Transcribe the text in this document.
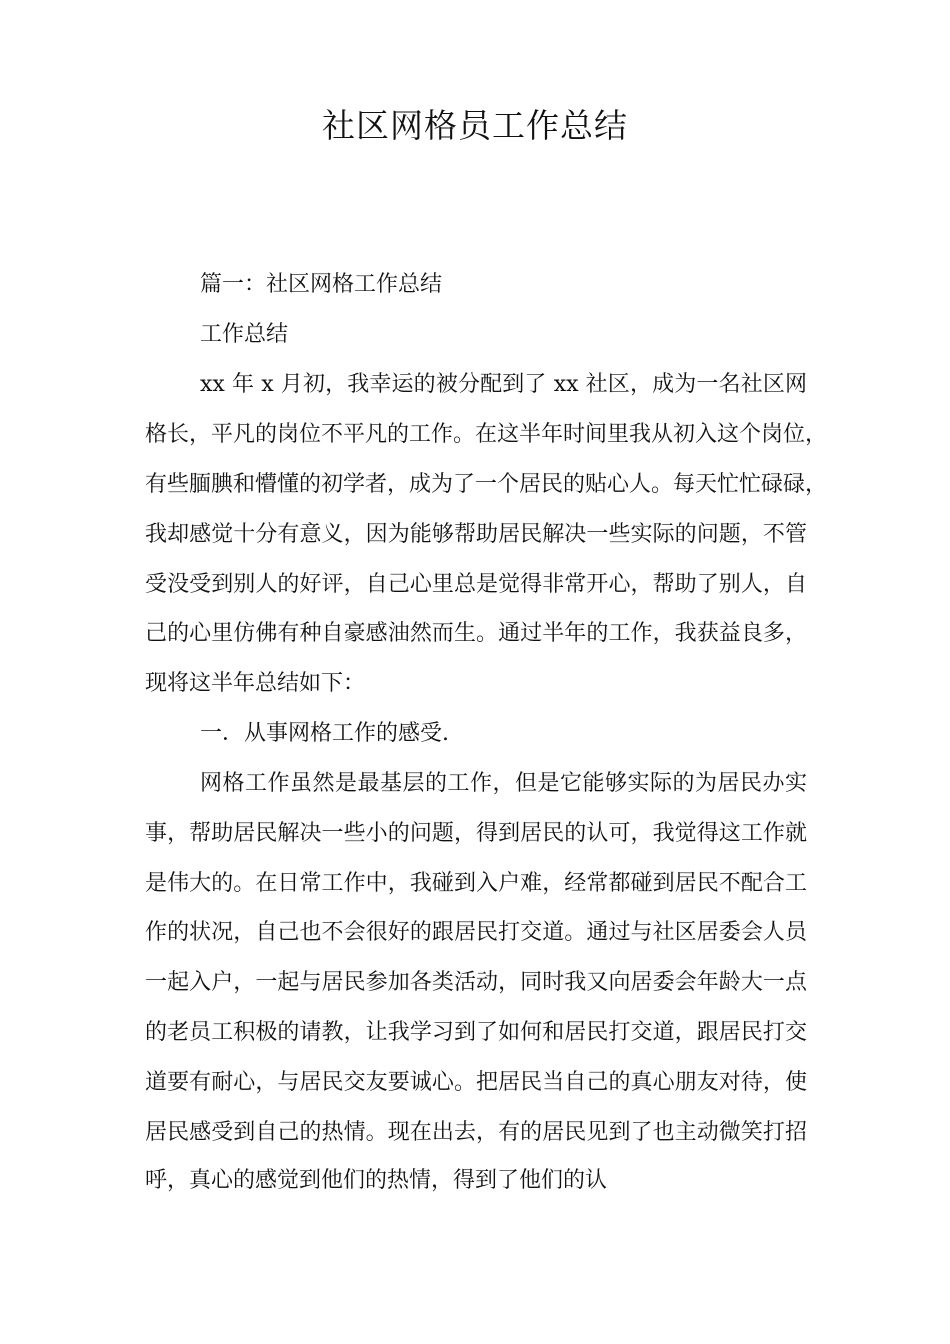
社区网格员工作总结
篇一：社区网格工作总结
工作总结
xx 年 x 月初，我幸运的被分配到了 xx 社区，成为一名社区网
格长，平凡的岗位不平凡的工作。在这半年时间里我从初入这个岗位，
有些腼腆和懵懂的初学者，成为了一个居民的贴心人。每天忙忙碌碌，
我却感觉十分有意义，因为能够帮助居民解决一些实际的问题，不管
受没受到别人的好评，自己心里总是觉得非常开心，帮助了别人，自
己的心里仿佛有种自豪感油然而生。通过半年的工作，我获益良多，
现将这半年总结如下：
一．从事网格工作的感受.
网格工作虽然是最基层的工作，但是它能够实际的为居民办实
事，帮助居民解决一些小的问题，得到居民的认可，我觉得这工作就
是伟大的。在日常工作中，我碰到入户难，经常都碰到居民不配合工
作的状况，自己也不会很好的跟居民打交道。通过与社区居委会人员
一起入户，一起与居民参加各类活动，同时我又向居委会年龄大一点
的老员工积极的请教，让我学习到了如何和居民打交道，跟居民打交
道要有耐心，与居民交友要诚心。把居民当自己的真心朋友对待，使
居民感受到自己的热情。现在出去，有的居民见到了也主动微笑打招
呼，真心的感觉到他们的热情，得到了他们的认
